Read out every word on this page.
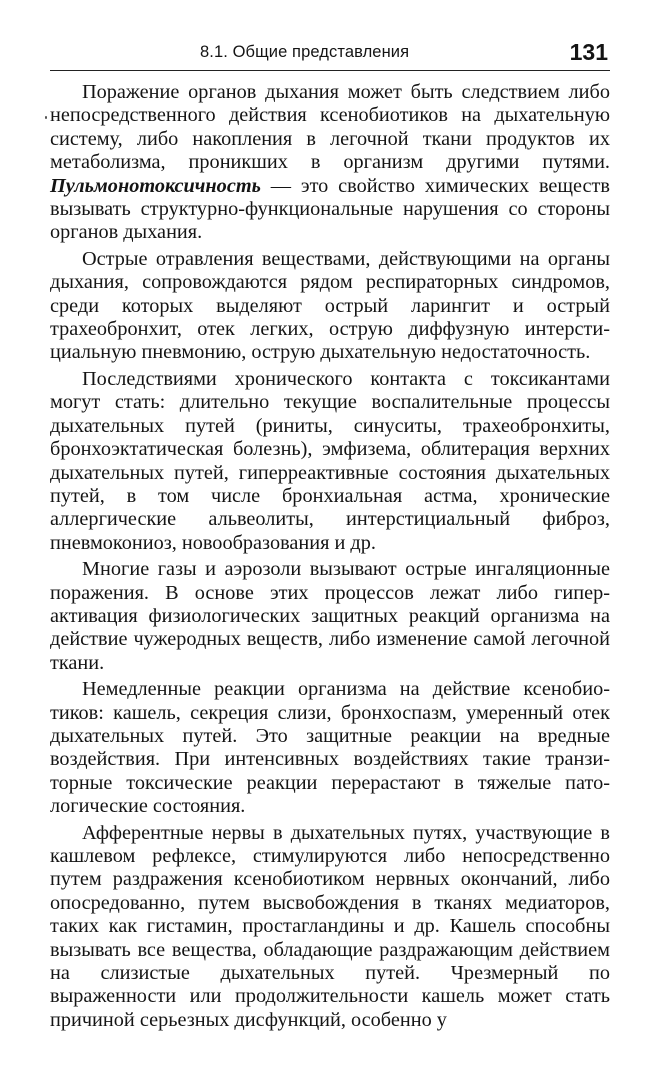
8.1. Общие представления	131

Поражение органов дыхания может быть следствием либо непосредственного действия ксенобиотиков на дыхательную систему, либо накопления в легочной ткани продуктов их метаболизма, проникших в организм другими путями. Пульмонотоксичность — это свойство химических веществ вызывать структурно-функциональные нарушения со стороны органов дыхания.

Острые отравления веществами, действующими на органы дыхания, сопровождаются рядом респираторных синдромов, среди которых выделяют острый ларингит и острый трахеобронхит, отек легких, острую диффузную интерстициальную пневмонию, острую дыхательную недостаточность.

Последствиями хронического контакта с токсикантами могут стать: длительно текущие воспалительные процессы дыхательных путей (риниты, синуситы, трахеобронхиты, бронхоэктатическая болезнь), эмфизема, облитерация верхних дыхательных путей, гиперреактивные состояния дыхательных путей, в том числе бронхиальная астма, хронические аллергические альвеолиты, интерстициальный фиброз, пневмокониоз, новообразования и др.

Многие газы и аэрозоли вызывают острые ингаляционные поражения. В основе этих процессов лежат либо гиперактивация физиологических защитных реакций организма на действие чужеродных веществ, либо изменение самой легочной ткани.

Немедленные реакции организма на действие ксенобиотиков: кашель, секреция слизи, бронхоспазм, умеренный отек дыхательных путей. Это защитные реакции на вредные воздействия. При интенсивных воздействиях такие транзиторные токсические реакции перерастают в тяжелые патологические состояния.

Афферентные нервы в дыхательных путях, участвующие в кашлевом рефлексе, стимулируются либо непосредственно путем раздражения ксенобиотиком нервных окончаний, либо опосредованно, путем высвобождения в тканях медиаторов, таких как гистамин, простагландины и др. Кашель способны вызывать все вещества, обладающие раздражающим действием на слизистые дыхательных путей. Чрезмерный по выраженности или продолжительности кашель может стать причиной серьезных дисфункций, особенно у
